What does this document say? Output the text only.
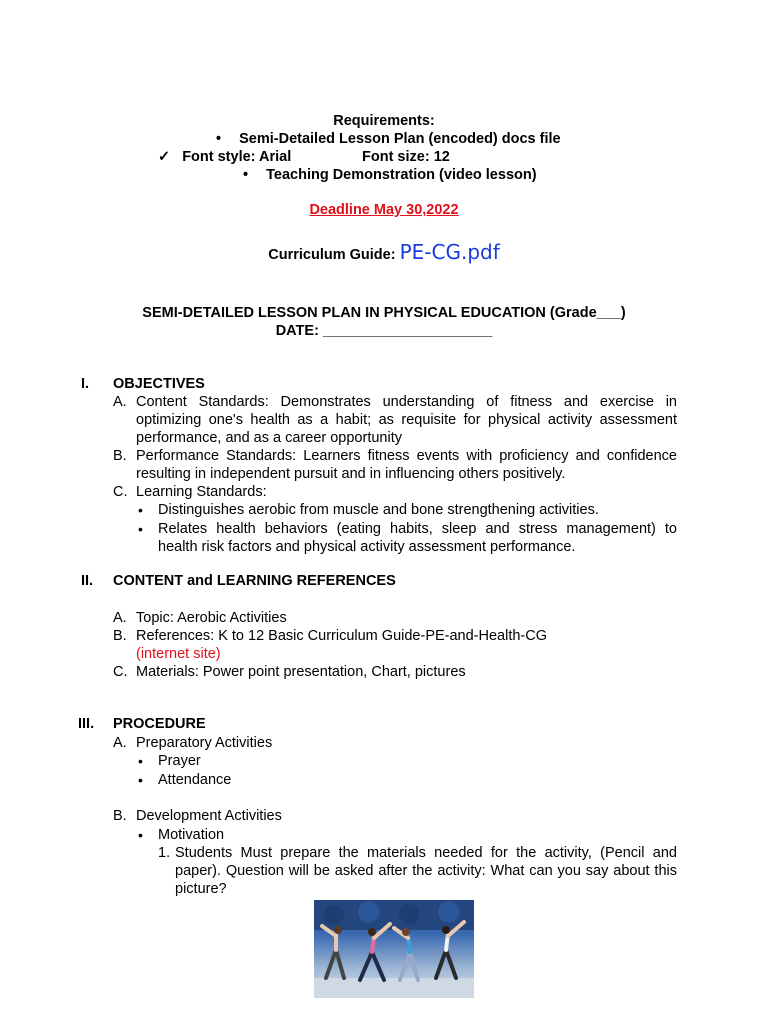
Requirements:
• Semi-Detailed Lesson Plan (encoded) docs file
✓ Font style: Arial	Font size: 12
• Teaching Demonstration (video lesson)
Deadline May 30,2022
Curriculum Guide: PE-CG.pdf
SEMI-DETAILED LESSON PLAN IN PHYSICAL EDUCATION (Grade___)
DATE: _____________________
I. OBJECTIVES
A. Content Standards: Demonstrates understanding of fitness and exercise in
optimizing one's health as a habit; as requisite for physical activity assessment
performance, and as a career opportunity
B. Performance Standards: Learners fitness events with proficiency and confidence
resulting in independent pursuit and in influencing others positively.
C. Learning Standards:
• Distinguishes aerobic from muscle and bone strengthening activities.
• Relates health behaviors (eating habits, sleep and stress management) to
health risk factors and physical activity assessment performance.
II. CONTENT and LEARNING REFERENCES
A. Topic: Aerobic Activities
B. References: K to 12 Basic Curriculum Guide-PE-and-Health-CG
(internet site)
C. Materials: Power point presentation, Chart, pictures
III. PROCEDURE
A. Preparatory Activities
• Prayer
• Attendance
B. Development Activities
• Motivation
1. Students Must prepare the materials needed for the activity, (Pencil and
paper). Question will be asked after the activity: What can you say about this
picture?
